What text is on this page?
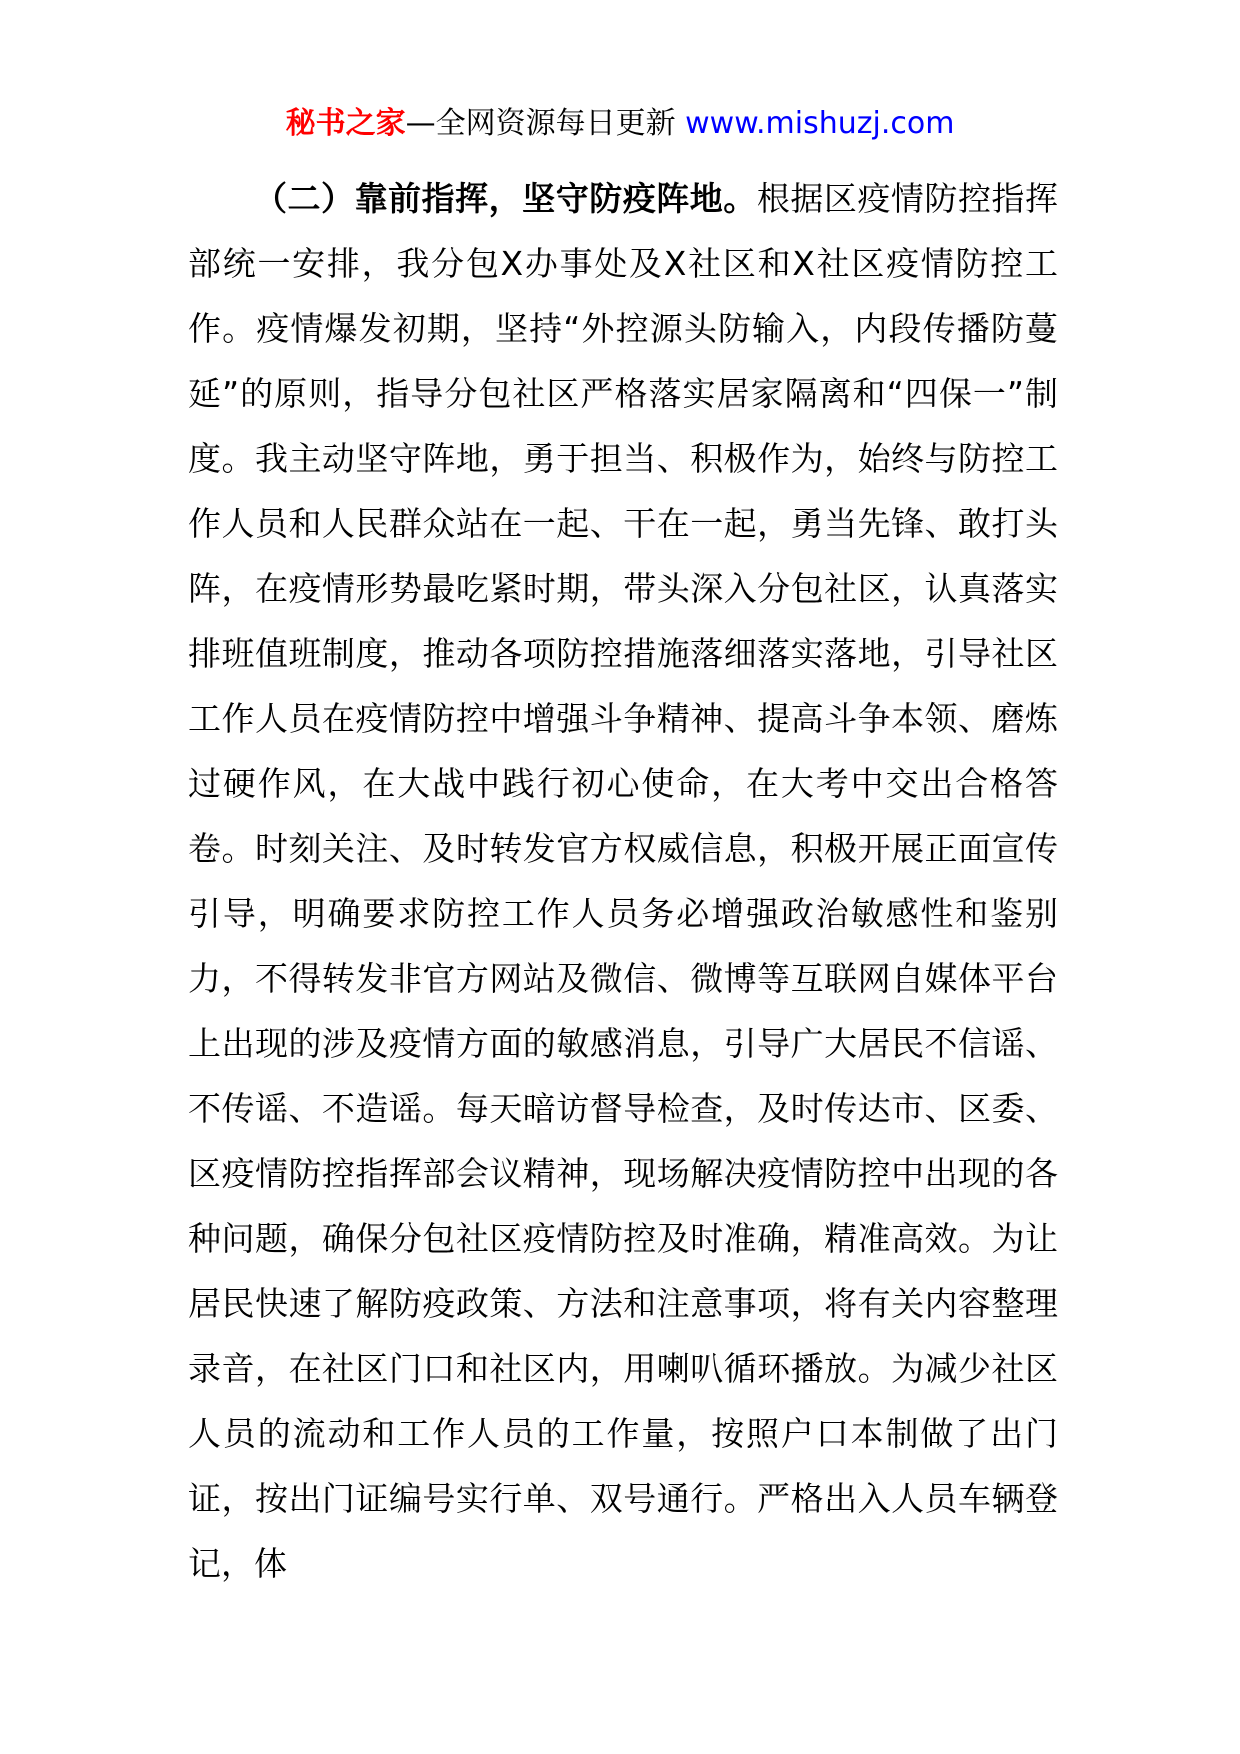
秘书之家—全网资源每日更新 www.mishuzj.com

（二）靠前指挥，坚守防疫阵地。根据区疫情防控指挥部统一安排，我分包X办事处及X社区和X社区疫情防控工作。疫情爆发初期，坚持“外控源头防输入，内段传播防蔓延”的原则，指导分包社区严格落实居家隔离和“四保一”制度。我主动坚守阵地，勇于担当、积极作为，始终与防控工作人员和人民群众站在一起、干在一起，勇当先锋、敢打头阵，在疫情形势最吃紧时期，带头深入分包社区，认真落实排班值班制度，推动各项防控措施落细落实落地，引导社区工作人员在疫情防控中增强斗争精神、提高斗争本领、磨炼过硬作风，在大战中践行初心使命，在大考中交出合格答卷。时刻关注、及时转发官方权威信息，积极开展正面宣传引导，明确要求防控工作人员务必增强政治敏感性和鉴别力，不得转发非官方网站及微信、微博等互联网自媒体平台上出现的涉及疫情方面的敏感消息，引导广大居民不信谣、不传谣、不造谣。每天暗访督导检查，及时传达市、区委、区疫情防控指挥部会议精神，现场解决疫情防控中出现的各种问题，确保分包社区疫情防控及时准确，精准高效。为让居民快速了解防疫政策、方法和注意事项，将有关内容整理录音，在社区门口和社区内，用喇叭循环播放。为减少社区人员的流动和工作人员的工作量，按照户口本制做了出门证，按出门证编号实行单、双号通行。严格出入人员车辆登记，体
